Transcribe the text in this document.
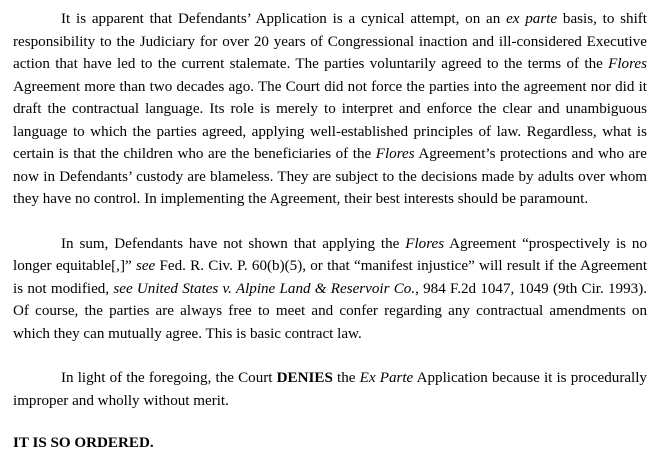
It is apparent that Defendants’ Application is a cynical attempt, on an ex parte basis, to shift responsibility to the Judiciary for over 20 years of Congressional inaction and ill-considered Executive action that have led to the current stalemate. The parties voluntarily agreed to the terms of the Flores Agreement more than two decades ago. The Court did not force the parties into the agreement nor did it draft the contractual language. Its role is merely to interpret and enforce the clear and unambiguous language to which the parties agreed, applying well-established principles of law. Regardless, what is certain is that the children who are the beneficiaries of the Flores Agreement’s protections and who are now in Defendants’ custody are blameless. They are subject to the decisions made by adults over whom they have no control. In implementing the Agreement, their best interests should be paramount.

In sum, Defendants have not shown that applying the Flores Agreement “prospectively is no longer equitable[,]” see Fed. R. Civ. P. 60(b)(5), or that “manifest injustice” will result if the Agreement is not modified, see United States v. Alpine Land & Reservoir Co., 984 F.2d 1047, 1049 (9th Cir. 1993). Of course, the parties are always free to meet and confer regarding any contractual amendments on which they can mutually agree. This is basic contract law.

In light of the foregoing, the Court DENIES the Ex Parte Application because it is procedurally improper and wholly without merit.

IT IS SO ORDERED.
